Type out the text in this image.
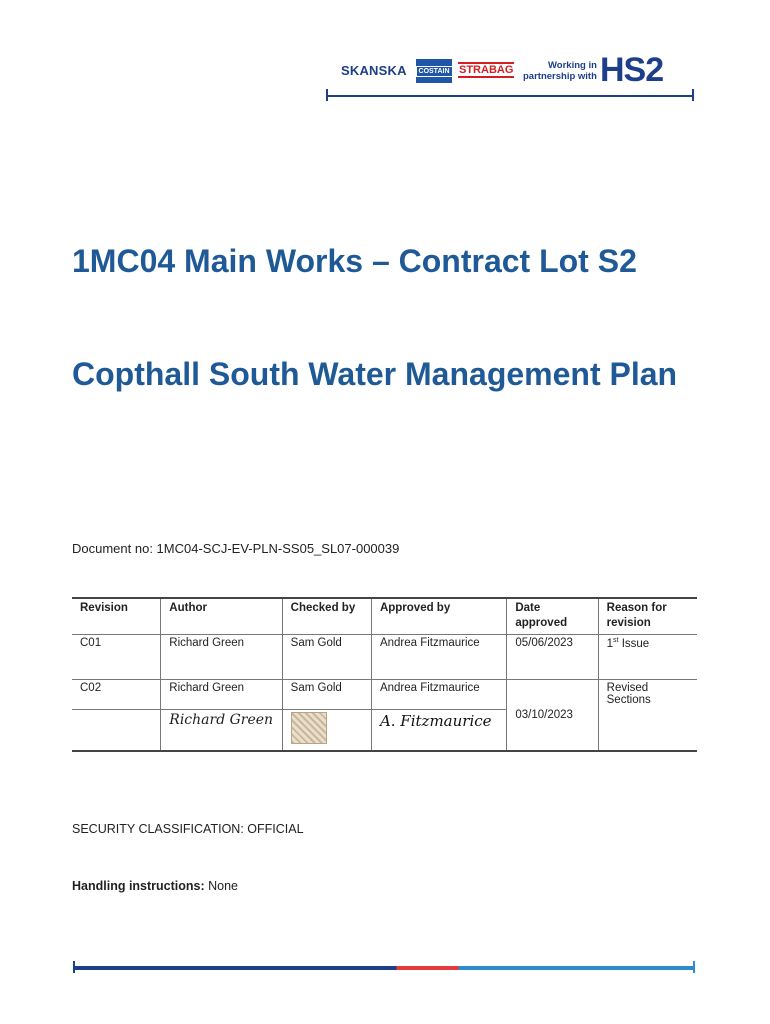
SKANSKA	COSTAIN STRABAG	Working in
partnership with HS2
1MC04 Main Works – Contract Lot S2
Copthall South Water Management Plan
Document no: 1MC04-SCJ-EV-PLN-SS05_SL07-000039
Revision	Author	Checked by	Approved by	Date approved	Reason for revision
C01	Richard Green	Sam Gold	Andrea Fitzmaurice	05/06/2023	1st Issue
C02	Richard Green	Sam Gold	Andrea Fitzmaurice	03/10/2023	Revised Sections
	Richard Green		A. Fitzmaurice		
SECURITY CLASSIFICATION: OFFICIAL
Handling instructions: None
